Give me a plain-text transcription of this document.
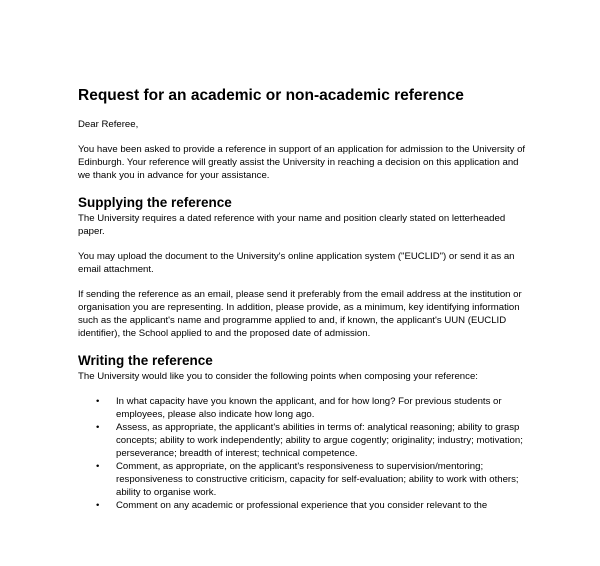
Request for an academic or non-academic reference
Dear Referee,

You have been asked to provide a reference in support of an application for admission to the University of Edinburgh. Your reference will greatly assist the University in reaching a decision on this application and we thank you in advance for your assistance.

Supplying the reference

The University requires a dated reference with your name and position clearly stated on letterheaded paper.

You may upload the document to the University's online application system ("EUCLID") or send it as an email attachment.

If sending the reference as an email, please send it preferably from the email address at the institution or organisation you are representing. In addition, please provide, as a minimum, key identifying information such as the applicant's name and programme applied to and, if known, the applicant's UUN (EUCLID identifier), the School applied to and the proposed date of admission.

Writing the reference

The University would like you to consider the following points when composing your reference:

• In what capacity have you known the applicant, and for how long? For previous students or employees, please also indicate how long ago.
• Assess, as appropriate, the applicant's abilities in terms of: analytical reasoning; ability to grasp concepts; ability to work independently; ability to argue cogently; originality; industry; motivation; perseverance; breadth of interest; technical competence.
• Comment, as appropriate, on the applicant's responsiveness to supervision/mentoring; responsiveness to constructive criticism, capacity for self-evaluation; ability to work with others; ability to organise work.
• Comment on any academic or professional experience that you consider relevant to the
